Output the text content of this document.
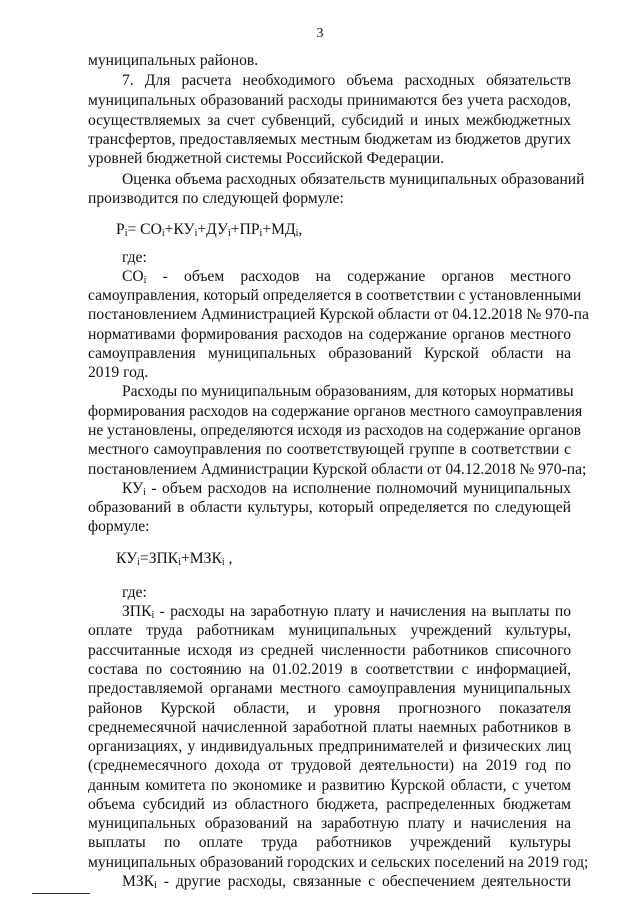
3
муниципальных районов.
7. Для расчета необходимого объема расходных обязательств
муниципальных образований расходы принимаются без учета расходов,
осуществляемых за счет субвенций, субсидий и иных межбюджетных
трансфертов, предоставляемых местным бюджетам из бюджетов других
уровней бюджетной системы Российской Федерации.
Оценка объема расходных обязательств муниципальных образований
производится по следующей формуле:
$P_i= СО_i+КУ_i+ДУ_i+ПР_i+МД_i$,
где:
$СО_i$ - объем расходов на содержание органов местного
самоуправления, который определяется в соответствии с установленными
постановлением Администрацией Курской области от 04.12.2018 № 970-па
нормативами формирования расходов на содержание органов местного
самоуправления муниципальных образований Курской области на
2019 год.
Расходы по муниципальным образованиям, для которых нормативы
формирования расходов на содержание органов местного самоуправления
не установлены, определяются исходя из расходов на содержание органов
местного самоуправления по соответствующей группе в соответствии с
постановлением Администрации Курской области от 04.12.2018 № 970-па;
$КУ_i$ - объем расходов на исполнение полномочий муниципальных
образований в области культуры, который определяется по следующей
формуле:
$КУ_i=ЗПК_i+МЗК_i$ ,
где:
$ЗПК_i$ - расходы на заработную плату и начисления на выплаты по
оплате труда работникам муниципальных учреждений культуры,
рассчитанные исходя из средней численности работников списочного
состава по состоянию на 01.02.2019 в соответствии с информацией,
предоставляемой органами местного самоуправления муниципальных
районов Курской области, и уровня прогнозного показателя
среднемесячной начисленной заработной платы наемных работников в
организациях, у индивидуальных предпринимателей и физических лиц
(среднемесячного дохода от трудовой деятельности) на 2019 год по
данным комитета по экономике и развитию Курской области, с учетом
объема субсидий из областного бюджета, распределенных бюджетам
муниципальных образований на заработную плату и начисления на
выплаты по оплате труда работников учреждений культуры
муниципальных образований городских и сельских поселений на 2019 год;
$МЗК_i$ - другие расходы, связанные с обеспечением деятельности
